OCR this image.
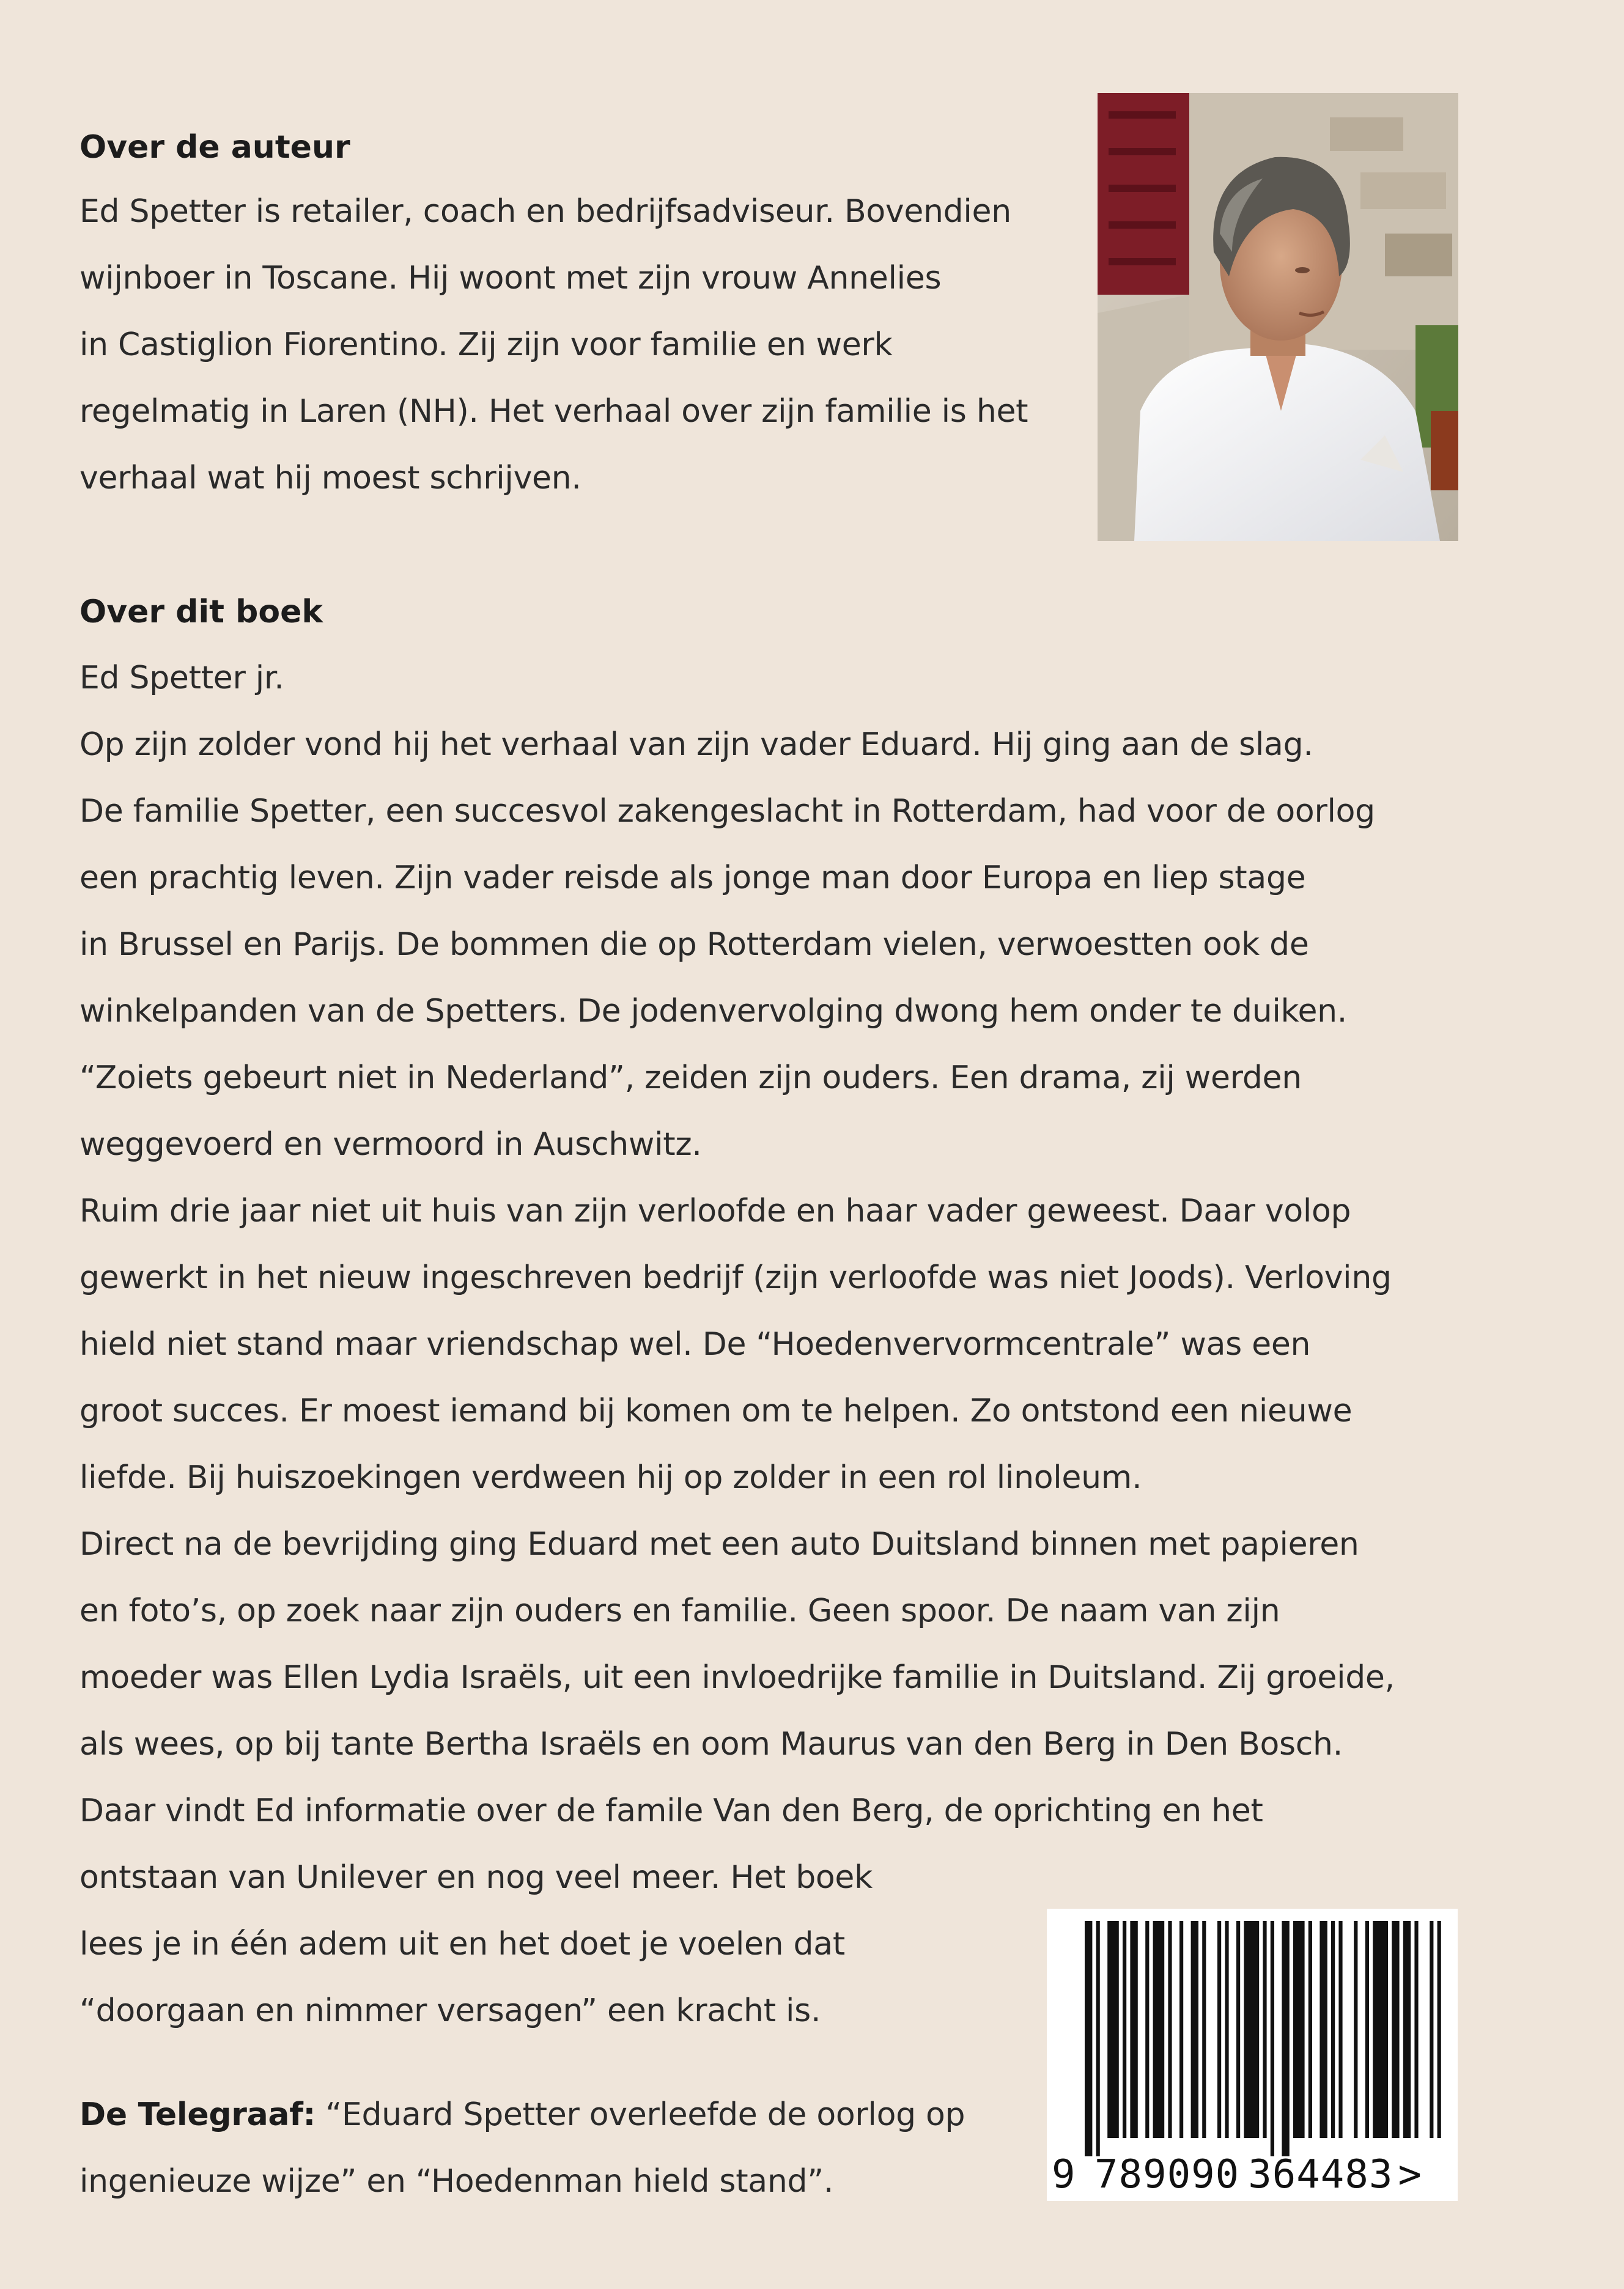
Over de auteur

Ed Spetter is retailer, coach en bedrijfsadviseur. Bovendien
wijnboer in Toscane. Hij woont met zijn vrouw Annelies
in Castiglion Fiorentino. Zij zijn voor familie en werk
regelmatig in Laren (NH). Het verhaal over zijn familie is het
verhaal wat hij moest schrijven.

Over dit boek

Ed Spetter jr.
Op zijn zolder vond hij het verhaal van zijn vader Eduard. Hij ging aan de slag.
De familie Spetter, een succesvol zakengeslacht in Rotterdam, had voor de oorlog
een prachtig leven. Zijn vader reisde als jonge man door Europa en liep stage
in Brussel en Parijs. De bommen die op Rotterdam vielen, verwoestten ook de
winkelpanden van de Spetters. De jodenvervolging dwong hem onder te duiken.
“Zoiets gebeurt niet in Nederland”, zeiden zijn ouders. Een drama, zij werden
weggevoerd en vermoord in Auschwitz.
Ruim drie jaar niet uit huis van zijn verloofde en haar vader geweest. Daar volop
gewerkt in het nieuw ingeschreven bedrijf (zijn verloofde was niet Joods). Verloving
hield niet stand maar vriendschap wel. De “Hoedenvervormcentrale” was een
groot succes. Er moest iemand bij komen om te helpen. Zo ontstond een nieuwe
liefde. Bij huiszoekingen verdween hij op zolder in een rol linoleum.
Direct na de bevrijding ging Eduard met een auto Duitsland binnen met papieren
en foto’s, op zoek naar zijn ouders en familie. Geen spoor. De naam van zijn
moeder was Ellen Lydia Israëls, uit een invloedrijke familie in Duitsland. Zij groeide,
als wees, op bij tante Bertha Israëls en oom Maurus van den Berg in Den Bosch.
Daar vindt Ed informatie over de famile Van den Berg, de oprichting en het
ontstaan van Unilever en nog veel meer. Het boek
lees je in één adem uit en het doet je voelen dat
“doorgaan en nimmer versagen” een kracht is.

De Telegraaf: “Eduard Spetter overleefde de oorlog op
ingenieuze wijze” en “Hoedenman hield stand”.	9 789090 364483 >
